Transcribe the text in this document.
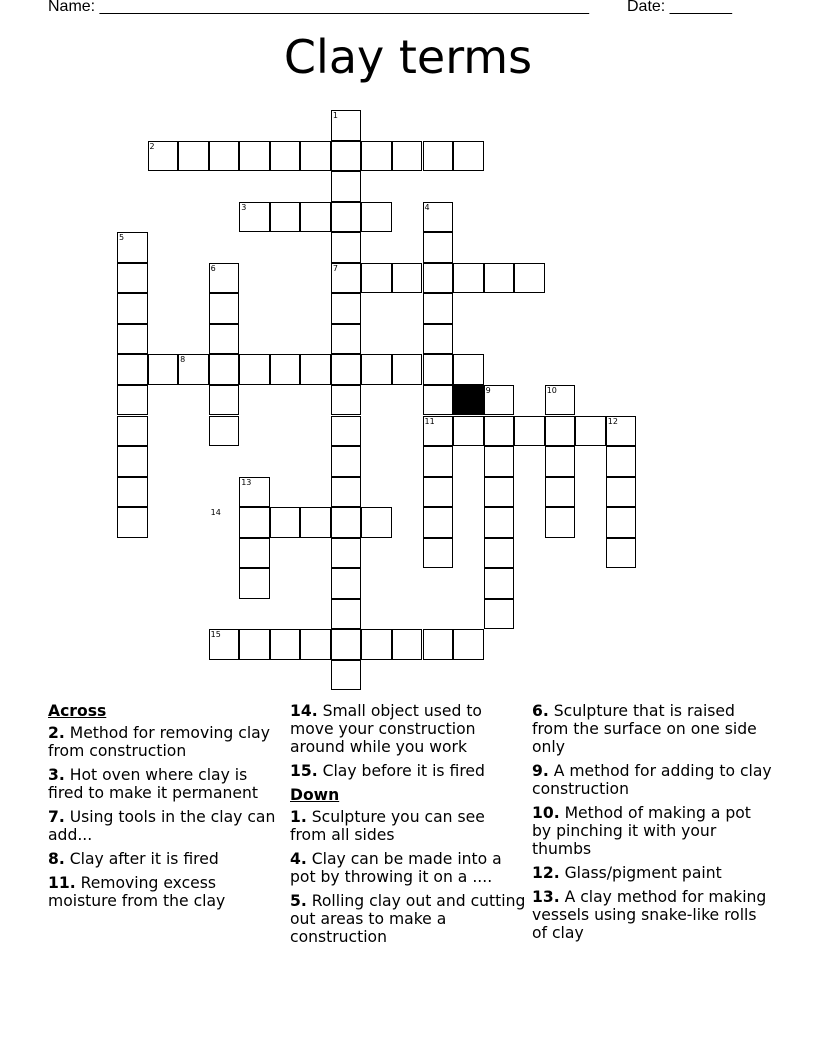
Name: _______________________________________________________ Date: _______
Clay terms
1
2
3	4
5
6	7
8
9	10
11	12
13
14
15
Across
2. Method for removing clay from construction
3. Hot oven where clay is fired to make it permanent
7. Using tools in the clay can add...
8. Clay after it is fired
11. Removing excess moisture from the clay
14. Small object used to move your construction around while you work
15. Clay before it is fired
Down
1. Sculpture you can see from all sides
4. Clay can be made into a pot by throwing it on a ....
5. Rolling clay out and cutting out areas to make a construction
6. Sculpture that is raised from the surface on one side only
9. A method for adding to clay construction
10. Method of making a pot by pinching it with your thumbs
12. Glass/pigment paint
13. A clay method for making vessels using snake-like rolls of clay
